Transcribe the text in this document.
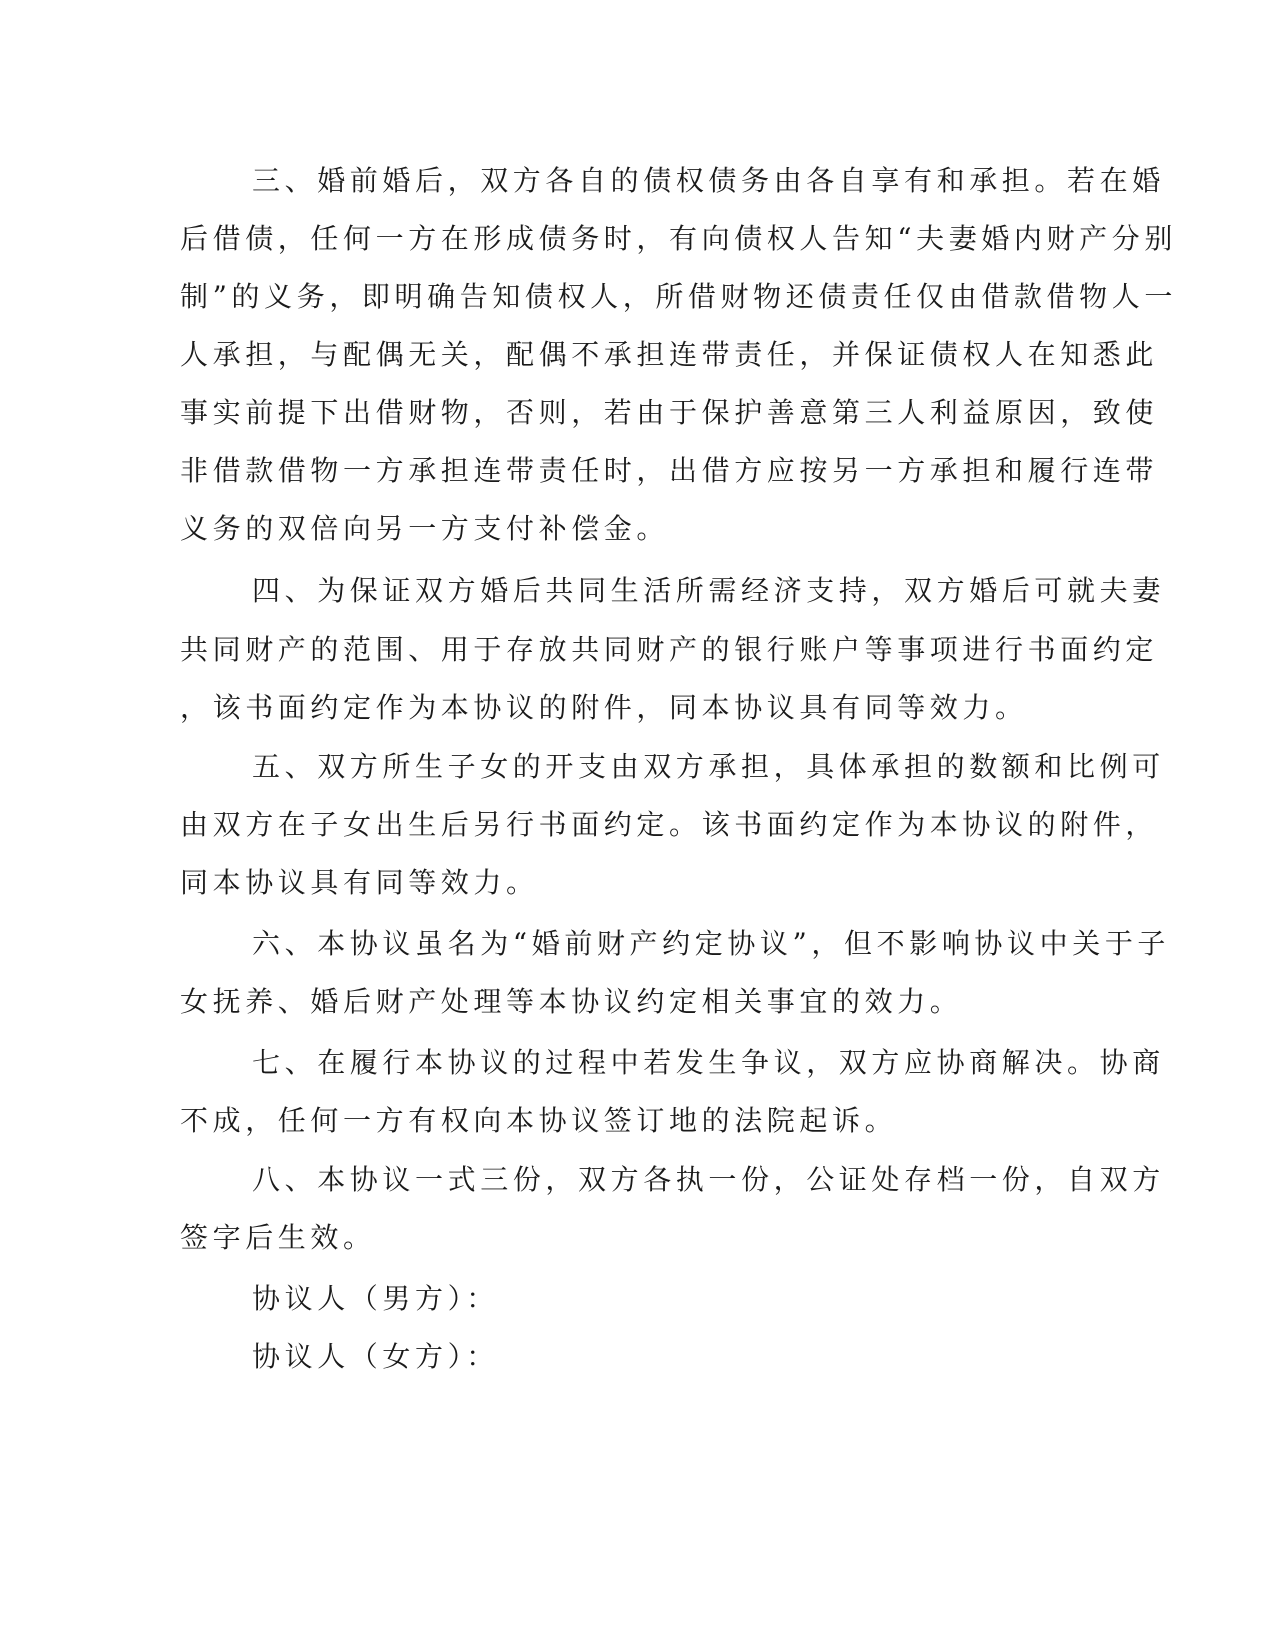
三、婚前婚后，双方各自的债权债务由各自享有和承担。若在婚
后借债，任何一方在形成债务时，有向债权人告知“夫妻婚内财产分别
制”的义务，即明确告知债权人，所借财物还债责任仅由借款借物人一
人承担，与配偶无关，配偶不承担连带责任，并保证债权人在知悉此
事实前提下出借财物，否则，若由于保护善意第三人利益原因，致使
非借款借物一方承担连带责任时，出借方应按另一方承担和履行连带
义务的双倍向另一方支付补偿金。
四、为保证双方婚后共同生活所需经济支持，双方婚后可就夫妻
共同财产的范围、用于存放共同财产的银行账户等事项进行书面约定
，该书面约定作为本协议的附件，同本协议具有同等效力。
五、双方所生子女的开支由双方承担，具体承担的数额和比例可
由双方在子女出生后另行书面约定。该书面约定作为本协议的附件，
同本协议具有同等效力。
六、本协议虽名为“婚前财产约定协议”，但不影响协议中关于子
女抚养、婚后财产处理等本协议约定相关事宜的效力。
七、在履行本协议的过程中若发生争议，双方应协商解决。协商
不成，任何一方有权向本协议签订地的法院起诉。
八、本协议一式三份，双方各执一份，公证处存档一份，自双方
签字后生效。
协议人（男方）：
协议人（女方）：
